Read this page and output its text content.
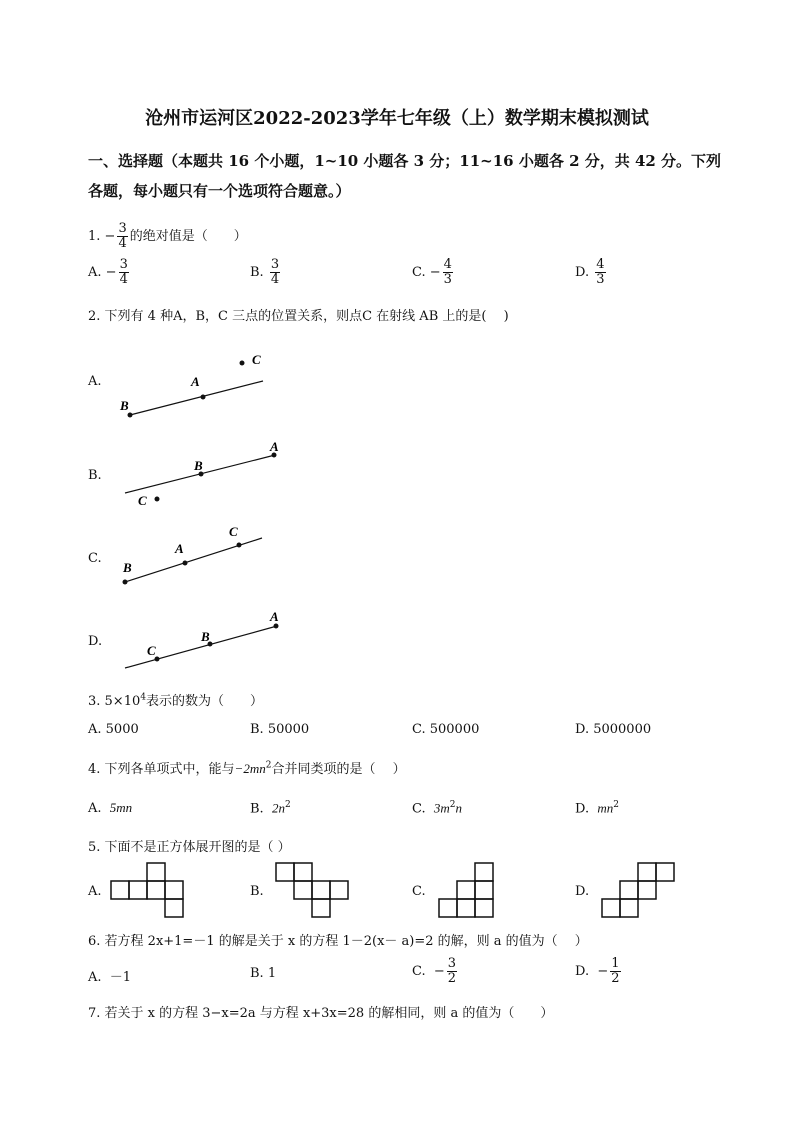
沧州市运河区2022-2023学年七年级（上）数学期末模拟测试
一、选择题（本题共 16 个小题，1~10 小题各 3 分；11~16 小题各 2 分，共 42 分。下列
各题，每小题只有一个选项符合题意。）
1. − $\frac{3}{4}$ 的绝对值是（　　）
A. − $\frac{3}{4}$	B. $\frac{3}{4}$	C. − $\frac{4}{3}$	D. $\frac{4}{3}$
2. 下列有 4 种A，B，C 三点的位置关系，则点C 在射线 AB 上的是(　 )
A.
B.
C.
D.
B
A
C
B
A
C
B
A
C
C
B
A
3. $5\times 10^4$表示的数为（　　）
A. 5000	B. 50000	C. 500000	D. 5000000
4. 下列各单项式中，能与$-2mn^2$合并同类项的是（　 ）
A. 5mn	B. $2n^2$	C. $3m^2n$	D. $mn^2$
5. 下面不是正方体展开图的是（ ）
A.	B.	C.	D.
6. 若方程 2x+1=－1 的解是关于 x 的方程 1－2(x－ a)=2 的解，则 a 的值为（　 ）
A. －1	B. 1	C. − $\frac{3}{2}$	D. − $\frac{1}{2}$
7. 若关于 x 的方程 3−x=2a 与方程 x+3x=28 的解相同，则 a 的值为（　　）
